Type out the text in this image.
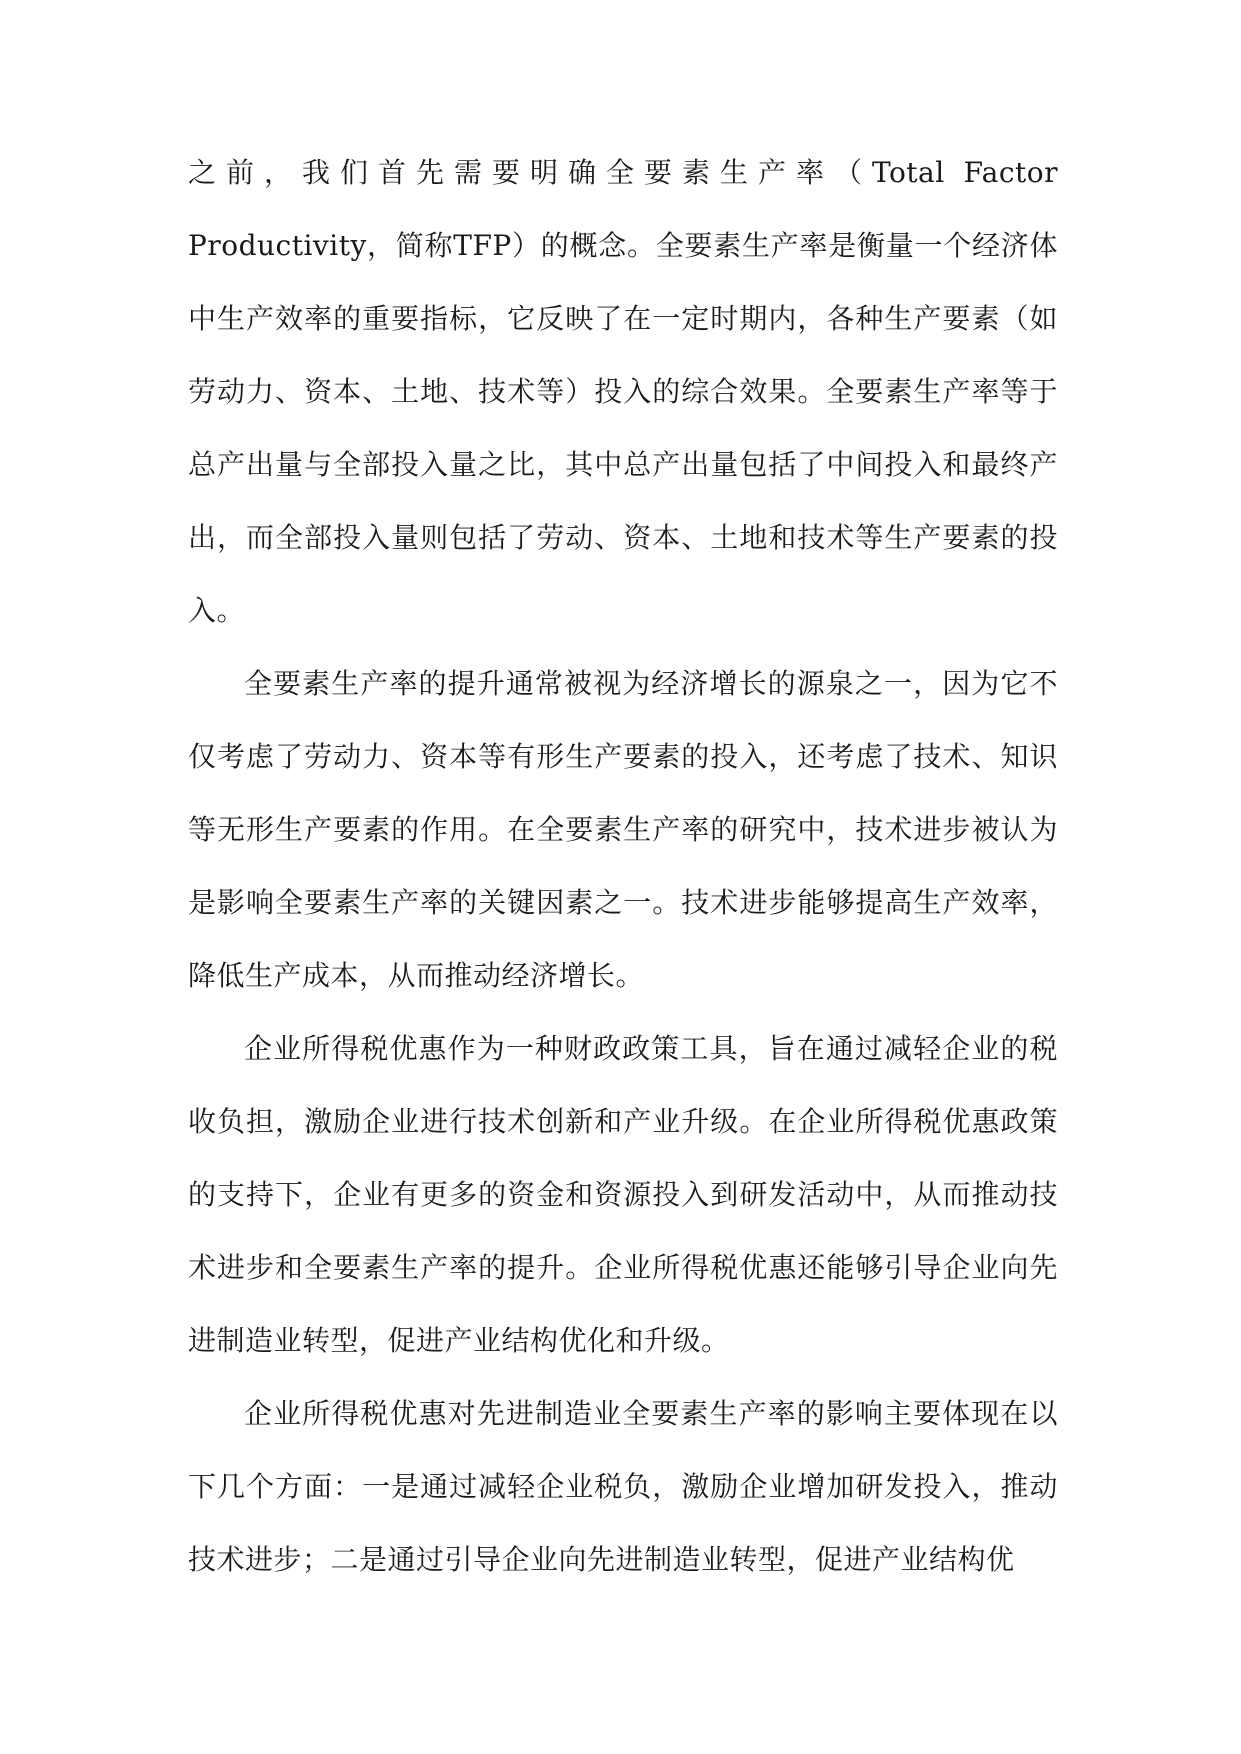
之前，我们首先需要明确全要素生产率（Total Factor Productivity，简称TFP）的概念。全要素生产率是衡量一个经济体中生产效率的重要指标，它反映了在一定时期内，各种生产要素（如劳动力、资本、土地、技术等）投入的综合效果。全要素生产率等于总产出量与全部投入量之比，其中总产出量包括了中间投入和最终产出，而全部投入量则包括了劳动、资本、土地和技术等生产要素的投入。

全要素生产率的提升通常被视为经济增长的源泉之一，因为它不仅考虑了劳动力、资本等有形生产要素的投入，还考虑了技术、知识等无形生产要素的作用。在全要素生产率的研究中，技术进步被认为是影响全要素生产率的关键因素之一。技术进步能够提高生产效率，降低生产成本，从而推动经济增长。

企业所得税优惠作为一种财政政策工具，旨在通过减轻企业的税收负担，激励企业进行技术创新和产业升级。在企业所得税优惠政策的支持下，企业有更多的资金和资源投入到研发活动中，从而推动技术进步和全要素生产率的提升。企业所得税优惠还能够引导企业向先进制造业转型，促进产业结构优化和升级。

企业所得税优惠对先进制造业全要素生产率的影响主要体现在以下几个方面：一是通过减轻企业税负，激励企业增加研发投入，推动技术进步；二是通过引导企业向先进制造业转型，促进产业结构优
